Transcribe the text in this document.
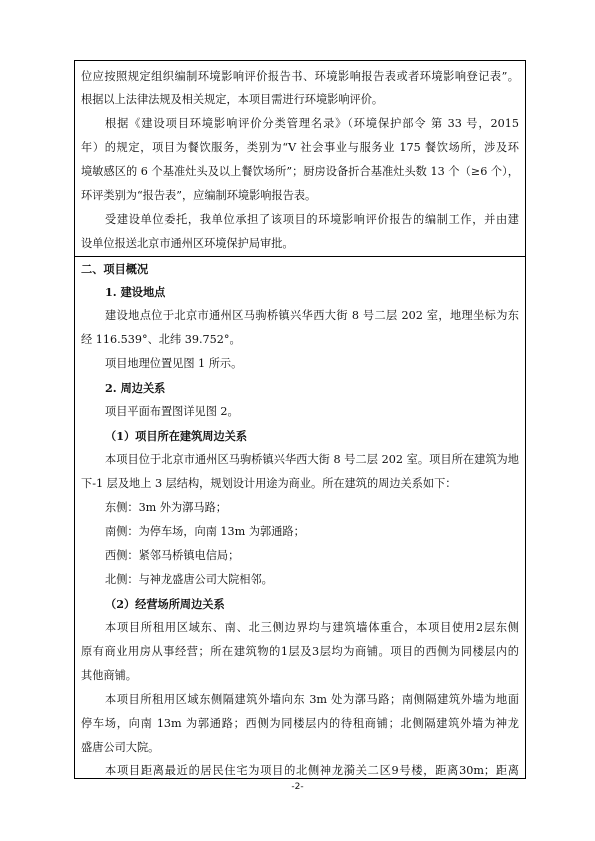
位应按照规定组织编制环境影响评价报告书、环境影响报告表或者环境影响登记表”。
根据以上法律法规及相关规定，本项目需进行环境影响评价。
根据《建设项目环境影响评价分类管理名录》（环境保护部令 第 33 号，2015
年）的规定，项目为餐饮服务，类别为“V 社会事业与服务业 175 餐饮场所，涉及环
境敏感区的 6 个基准灶头及以上餐饮场所”；厨房设备折合基准灶头数 13 个（≥6 个），
环评类别为“报告表”，应编制环境影响报告表。
受建设单位委托，我单位承担了该项目的环境影响评价报告的编制工作，并由建
设单位报送北京市通州区环境保护局审批。
二、项目概况
1. 建设地点
建设地点位于北京市通州区马驹桥镇兴华西大街 8 号二层 202 室，地理坐标为东
经 116.539°、北纬 39.752°。
项目地理位置见图 1 所示。
2. 周边关系
项目平面布置图详见图 2。
（1）项目所在建筑周边关系
本项目位于北京市通州区马驹桥镇兴华西大街 8 号二层 202 室。项目所在建筑为地
下-1 层及地上 3 层结构，规划设计用途为商业。所在建筑的周边关系如下：
东侧：3m 外为漷马路；
南侧：为停车场，向南 13m 为郭通路；
西侧：紧邻马桥镇电信局；
北侧：与神龙盛唐公司大院相邻。
（2）经营场所周边关系
本项目所租用区域东、南、北三侧边界均与建筑墙体重合，本项目使用2层东侧
原有商业用房从事经营；所在建筑物的1层及3层均为商铺。项目的西侧为同楼层内的
其他商铺。
本项目所租用区域东侧隔建筑外墙向东 3m 处为漷马路；南侧隔建筑外墙为地面
停车场，向南 13m 为郭通路；西侧为同楼层内的待租商铺；北侧隔建筑外墙为神龙
盛唐公司大院。
本项目距离最近的居民住宅为项目的北侧神龙漪关二区9号楼，距离30m；距离
-2-
